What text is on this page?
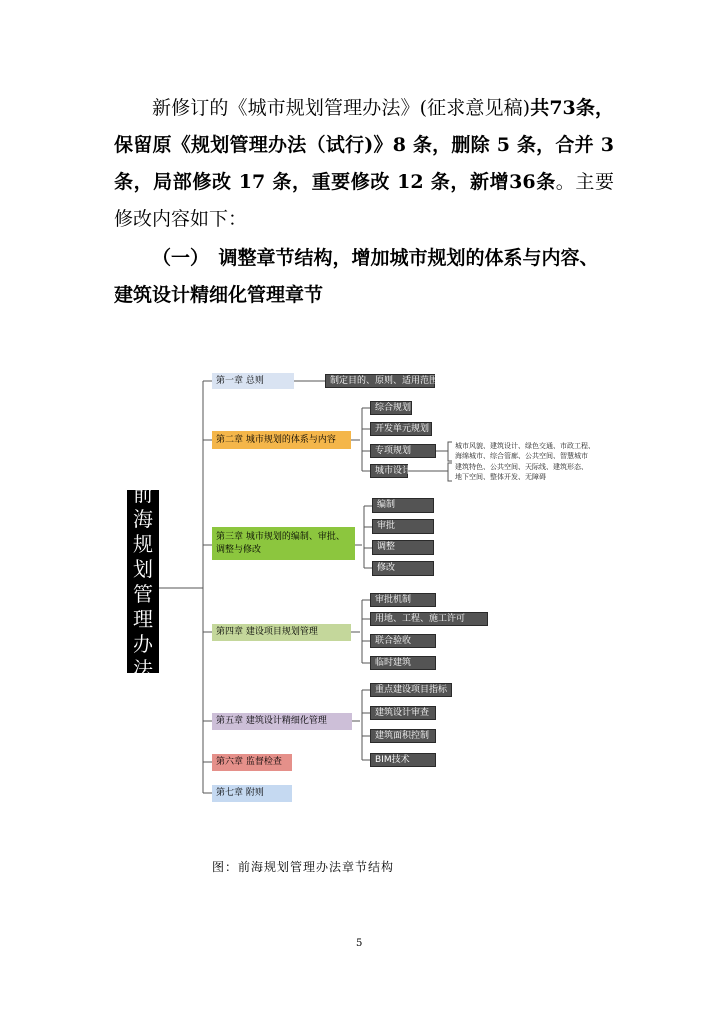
新修订的《城市规划管理办法》(征求意见稿)共73条，保留原《规划管理办法（试行)》8 条，删除 5 条，合并 3 条，局部修改 17 条，重要修改 12 条，新增36条。主要修改内容如下：

（一）　调整章节结构，增加城市规划的体系与内容、建筑设计精细化管理章节

前
海
规
划
管
理
办
法
第一章 总则
第二章 城市规划的体系与内容
第三章 城市规划的编制、审批、调整与修改
第四章 建设项目规划管理
第五章 建筑设计精细化管理
第六章 监督检查
第七章 附则
制定目的、原则、适用范围
综合规划
开发单元规划
专项规划
城市设计
城市风貌、建筑设计、绿色交通、市政工程、
海绵城市、综合管廊、公共空间、智慧城市
建筑特色、公共空间、天际线、建筑形态、
地下空间、整体开发、无障碍
编制
审批
调整
修改
审批机制
用地、工程、施工许可
联合验收
临时建筑
重点建设项目指标
建筑设计审查
建筑面积控制
BIM技术
图：前海规划管理办法章节结构
5
